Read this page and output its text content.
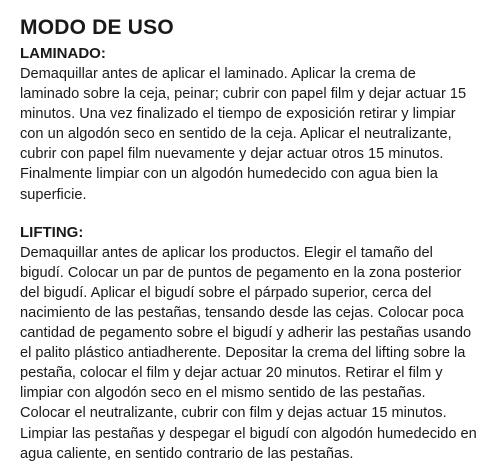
MODO DE USO
LAMINADO:

Demaquillar antes de aplicar el laminado. Aplicar la crema de
laminado sobre la ceja, peinar; cubrir con papel film y dejar actuar 15
minutos. Una vez finalizado el tiempo de exposición retirar y limpiar
con un algodón seco en sentido de la ceja. Aplicar el neutralizante,
cubrir con papel film nuevamente y dejar actuar otros 15 minutos.
Finalmente limpiar con un algodón humedecido con agua bien la
superficie.

LIFTING:

Demaquillar antes de aplicar los productos. Elegir el tamaño del
bigudí. Colocar un par de puntos de pegamento en la zona posterior
del bigudí. Aplicar el bigudí sobre el párpado superior, cerca del
nacimiento de las pestañas, tensando desde las cejas. Colocar poca
cantidad de pegamento sobre el bigudí y adherir las pestañas usando
el palito plástico antiadherente. Depositar la crema del lifting sobre la
pestaña, colocar el film y dejar actuar 20 minutos. Retirar el film y
limpiar con algodón seco en el mismo sentido de las pestañas.
Colocar el neutralizante, cubrir con film y dejas actuar 15 minutos.
Limpiar las pestañas y despegar el bigudí con algodón humedecido en
agua caliente, en sentido contrario de las pestañas.
